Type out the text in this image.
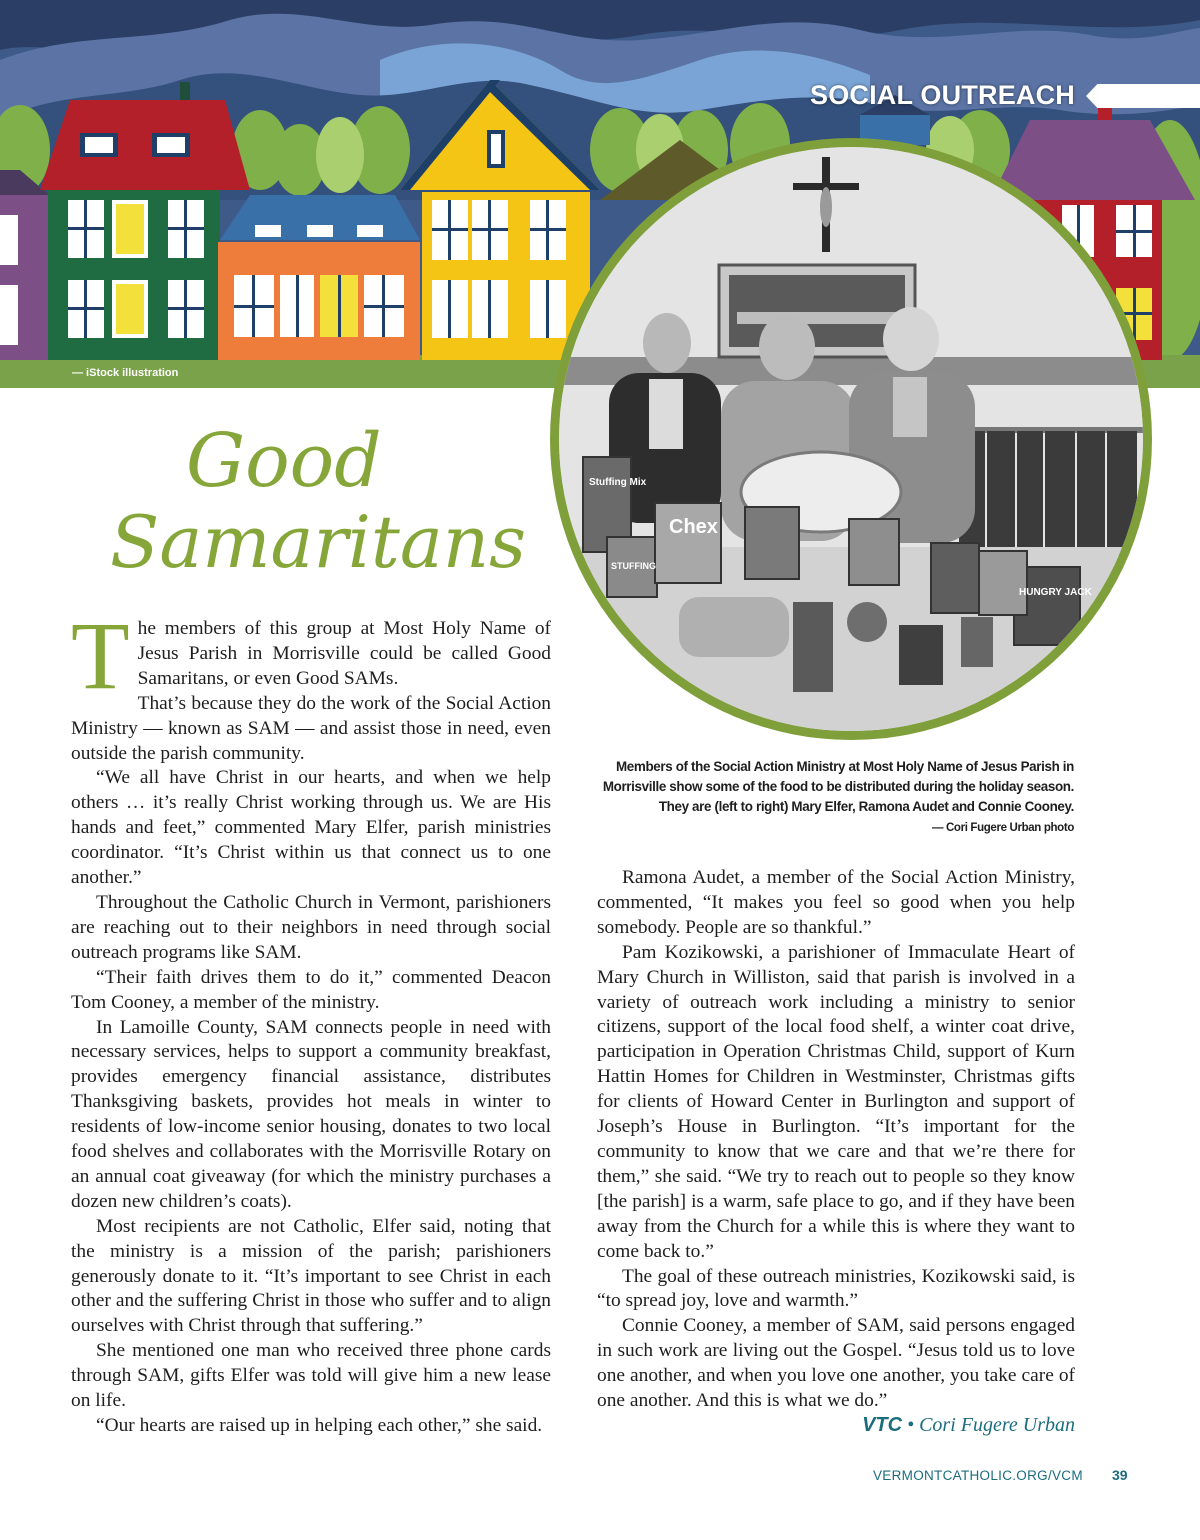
SOCIAL OUTREACH
— iStock illustration
Stuffing Mix
Chex
STUFFING
HUNGRY JACK
Members of the Social Action Ministry at Most Holy Name of Jesus Parish in Morrisville show some of the food to be distributed during the holiday season. They are (left to right) Mary Elfer, Ramona Audet and Connie Cooney.
— Cori Fugere Urban photo
Good
Samaritans

The members of this group at Most Holy Name of Jesus Parish in Morrisville could be called Good Samaritans, or even Good SAMs.

That’s because they do the work of the Social Action Ministry — known as SAM — and assist those in need, even outside the parish community.

“We all have Christ in our hearts, and when we help others … it’s really Christ working through us. We are His hands and feet,” commented Mary Elfer, parish ministries coordinator. “It’s Christ within us that connect us to one another.”

Throughout the Catholic Church in Vermont, parishioners are reaching out to their neighbors in need through social outreach programs like SAM.

“Their faith drives them to do it,” commented Deacon Tom Cooney, a member of the ministry.

In Lamoille County, SAM connects people in need with necessary services, helps to support a community breakfast, provides emergency financial assistance, distributes Thanksgiving baskets, provides hot meals in winter to residents of low-income senior housing, donates to two local food shelves and collaborates with the Morrisville Rotary on an annual coat giveaway (for which the ministry purchases a dozen new children’s coats).

Most recipients are not Catholic, Elfer said, noting that the ministry is a mission of the parish; parishioners generously donate to it. “It’s important to see Christ in each other and the suffering Christ in those who suffer and to align ourselves with Christ through that suffering.”

She mentioned one man who received three phone cards through SAM, gifts Elfer was told will give him a new lease on life.

“Our hearts are raised up in helping each other,” she said.

Ramona Audet, a member of the Social Action Ministry, commented, “It makes you feel so good when you help somebody. People are so thankful.”

Pam Kozikowski, a parishioner of Immaculate Heart of Mary Church in Williston, said that parish is involved in a variety of outreach work including a ministry to senior citizens, support of the local food shelf, a winter coat drive, participation in Operation Christmas Child, support of Kurn Hattin Homes for Children in Westminster, Christmas gifts for clients of Howard Center in Burlington and support of Joseph’s House in Burlington. “It’s important for the community to know that we care and that we’re there for them,” she said. “We try to reach out to people so they know [the parish] is a warm, safe place to go, and if they have been away from the Church for a while this is where they want to come back to.”

The goal of these outreach ministries, Kozikowski said, is “to spread joy, love and warmth.”

Connie Cooney, a member of SAM, said persons engaged in such work are living out the Gospel. “Jesus told us to love one another, and when you love one another, you take care of one another. And this is what we do.”

VTC • Cori Fugere Urban
VERMONTCATHOLIC.ORG/VCM 39
